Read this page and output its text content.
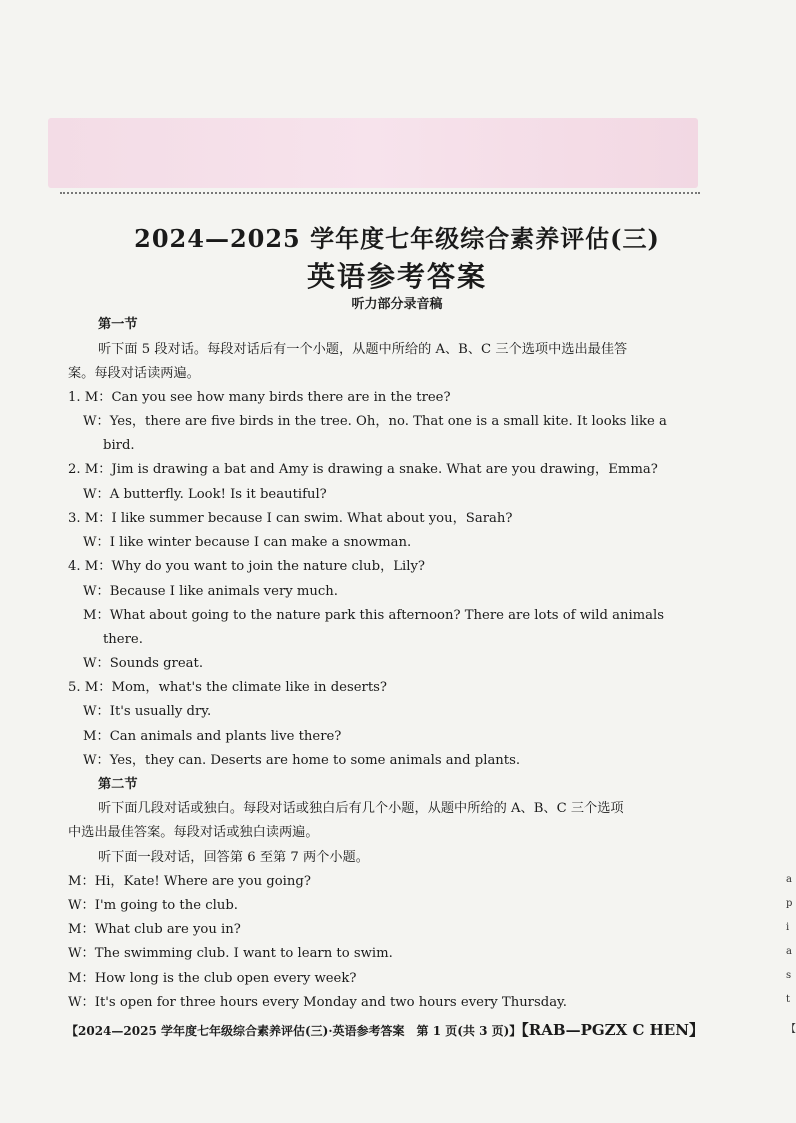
2024—2025 学年度七年级综合素养评估(三)
英语参考答案
听力部分录音稿
第一节
听下面 5 段对话。每段对话后有一个小题，从题中所给的 A、B、C 三个选项中选出最佳答
案。每段对话读两遍。
1. M：Can you see how many birds there are in the tree?
W：Yes，there are five birds in the tree. Oh，no. That one is a small kite. It looks like a
bird.
2. M：Jim is drawing a bat and Amy is drawing a snake. What are you drawing，Emma?
W：A butterfly. Look! Is it beautiful?
3. M：I like summer because I can swim. What about you，Sarah?
W：I like winter because I can make a snowman.
4. M：Why do you want to join the nature club，Lily?
W：Because I like animals very much.
M：What about going to the nature park this afternoon? There are lots of wild animals
there.
W：Sounds great.
5. M：Mom，what's the climate like in deserts?
W：It's usually dry.
M：Can animals and plants live there?
W：Yes，they can. Deserts are home to some animals and plants.
第二节
听下面几段对话或独白。每段对话或独白后有几个小题，从题中所给的 A、B、C 三个选项
中选出最佳答案。每段对话或独白读两遍。
听下面一段对话，回答第 6 至第 7 两个小题。
M：Hi，Kate! Where are you going?
W：I'm going to the club.
M：What club are you in?
W：The swimming club. I want to learn to swim.
M：How long is the club open every week?
W：It's open for three hours every Monday and two hours every Thursday.
【2024—2025 学年度七年级综合素养评估(三)·英语参考答案　第 1 页(共 3 页)】【RAB—PGZX C HEN】
a
p
i
a
s
t
【
